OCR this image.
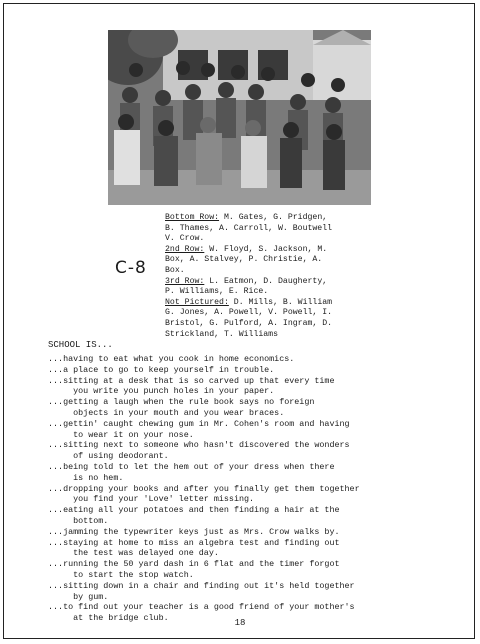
Bottom Row: M. Gates, G. Pridgen,
B. Thames, A. Carroll, W. Boutwell
V. Crow.
2nd Row: W. Floyd, S. Jackson, M.
Box, A. Stalvey, P. Christie, A.
Box.
3rd Row: L. Eatmon, D. Daugherty,
P. Williams, E. Rice.
Not Pictured: D. Mills, B. William
G. Jones, A. Powell, V. Powell, I.
Bristol, G. Pulford, A. Ingram, D.
Strickland, T. Williams
C-8
SCHOOL IS...
...having to eat what you cook in home economics.
...a place to go to keep yourself in trouble.
...sitting at a desk that is so carved up that every time
you write you punch holes in your paper.
...getting a laugh when the rule book says no foreign
objects in your mouth and you wear braces.
...gettin' caught chewing gum in Mr. Cohen's room and having
to wear it on your nose.
...sitting next to someone who hasn't discovered the wonders
of using deodorant.
...being told to let the hem out of your dress when there
is no hem.
...dropping your books and after you finally get them together
you find your 'Love' letter missing.
...eating all your potatoes and then finding a hair at the
bottom.
...jamming the typewriter keys just as Mrs. Crow walks by.
...staying at home to miss an algebra test and finding out
the test was delayed one day.
...running the 50 yard dash in 6 flat and the timer forgot
to start the stop watch.
...sitting down in a chair and finding out it's held together
by gum.
...to find out your teacher is a good friend of your mother's
at the bridge club.	18
